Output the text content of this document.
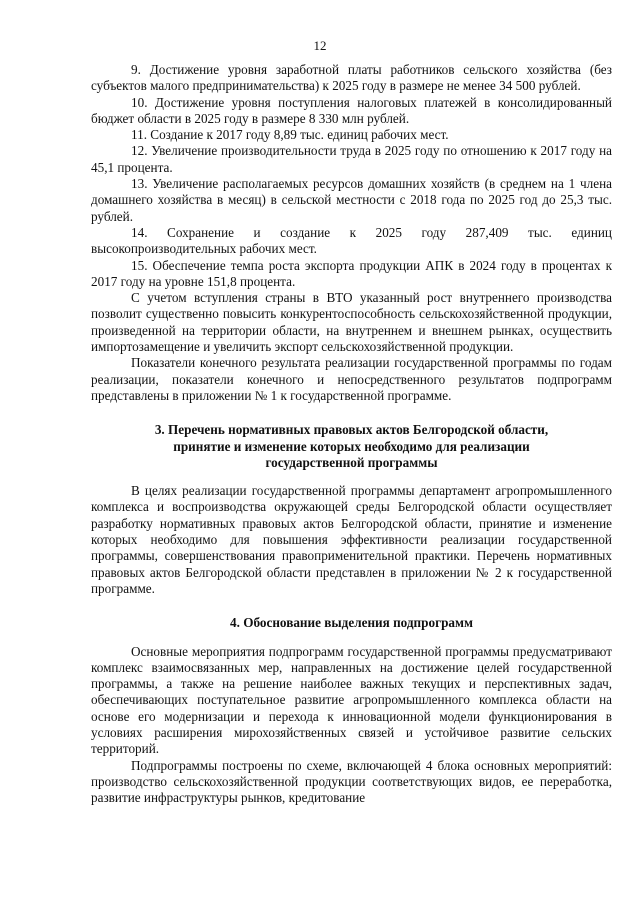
12

9. Достижение уровня заработной платы работников сельского хозяйства (без субъектов малого предпринимательства) к 2025 году в размере не менее 34 500 рублей.

10. Достижение уровня поступления налоговых платежей в консолидированный бюджет области в 2025 году в размере 8 330 млн рублей.

11. Создание к 2017 году 8,89 тыс. единиц рабочих мест.

12. Увеличение производительности труда в 2025 году по отношению к 2017 году на 45,1 процента.

13. Увеличение располагаемых ресурсов домашних хозяйств (в среднем на 1 члена домашнего хозяйства в месяц) в сельской местности с 2018 года по 2025 год до 25,3 тыс. рублей.

14. Сохранение и создание к 2025 году 287,409 тыс. единиц высокопроизводительных рабочих мест.

15. Обеспечение темпа роста экспорта продукции АПК в 2024 году в процентах к 2017 году на уровне 151,8 процента.

С учетом вступления страны в ВТО указанный рост внутреннего производства позволит существенно повысить конкурентоспособность сельскохозяйственной продукции, произведенной на территории области, на внутреннем и внешнем рынках, осуществить импортозамещение и увеличить экспорт сельскохозяйственной продукции.

Показатели конечного результата реализации государственной программы по годам реализации, показатели конечного и непосредственного результатов подпрограмм представлены в приложении № 1 к государственной программе.

3. Перечень нормативных правовых актов Белгородской области, принятие и изменение которых необходимо для реализации государственной программы

В целях реализации государственной программы департамент агропромышленного комплекса и воспроизводства окружающей среды Белгородской области осуществляет разработку нормативных правовых актов Белгородской области, принятие и изменение которых необходимо для повышения эффективности реализации государственной программы, совершенствования правоприменительной практики. Перечень нормативных правовых актов Белгородской области представлен в приложении № 2 к государственной программе.

4. Обоснование выделения подпрограмм

Основные мероприятия подпрограмм государственной программы предусматривают комплекс взаимосвязанных мер, направленных на достижение целей государственной программы, а также на решение наиболее важных текущих и перспективных задач, обеспечивающих поступательное развитие агропромышленного комплекса области на основе его модернизации и перехода к инновационной модели функционирования в условиях расширения мирохозяйственных связей и устойчивое развитие сельских территорий.

Подпрограммы построены по схеме, включающей 4 блока основных мероприятий: производство сельскохозяйственной продукции соответствующих видов, ее переработка, развитие инфраструктуры рынков, кредитование
